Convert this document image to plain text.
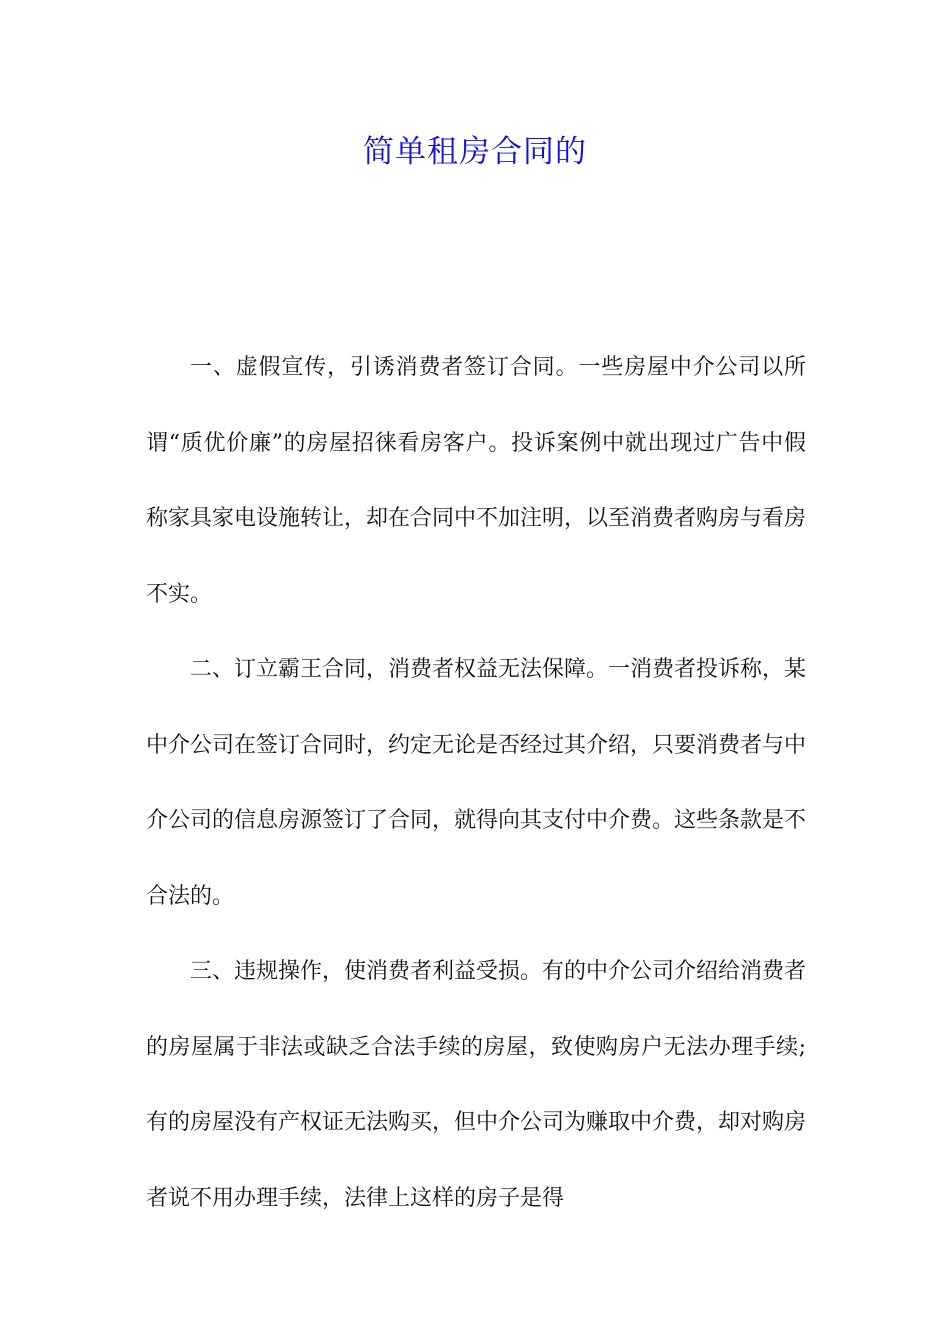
简单租房合同的

一、虚假宣传，引诱消费者签订合同。一些房屋中介公司以所谓“质优价廉”的房屋招徕看房客户。投诉案例中就出现过广告中假称家具家电设施转让，却在合同中不加注明，以至消费者购房与看房不实。

二、订立霸王合同，消费者权益无法保障。一消费者投诉称，某中介公司在签订合同时，约定无论是否经过其介绍，只要消费者与中介公司的信息房源签订了合同，就得向其支付中介费。这些条款是不合法的。

三、违规操作，使消费者利益受损。有的中介公司介绍给消费者的房屋属于非法或缺乏合法手续的房屋，致使购房户无法办理手续;有的房屋没有产权证无法购买，但中介公司为赚取中介费，却对购房者说不用办理手续，法律上这样的房子是得
